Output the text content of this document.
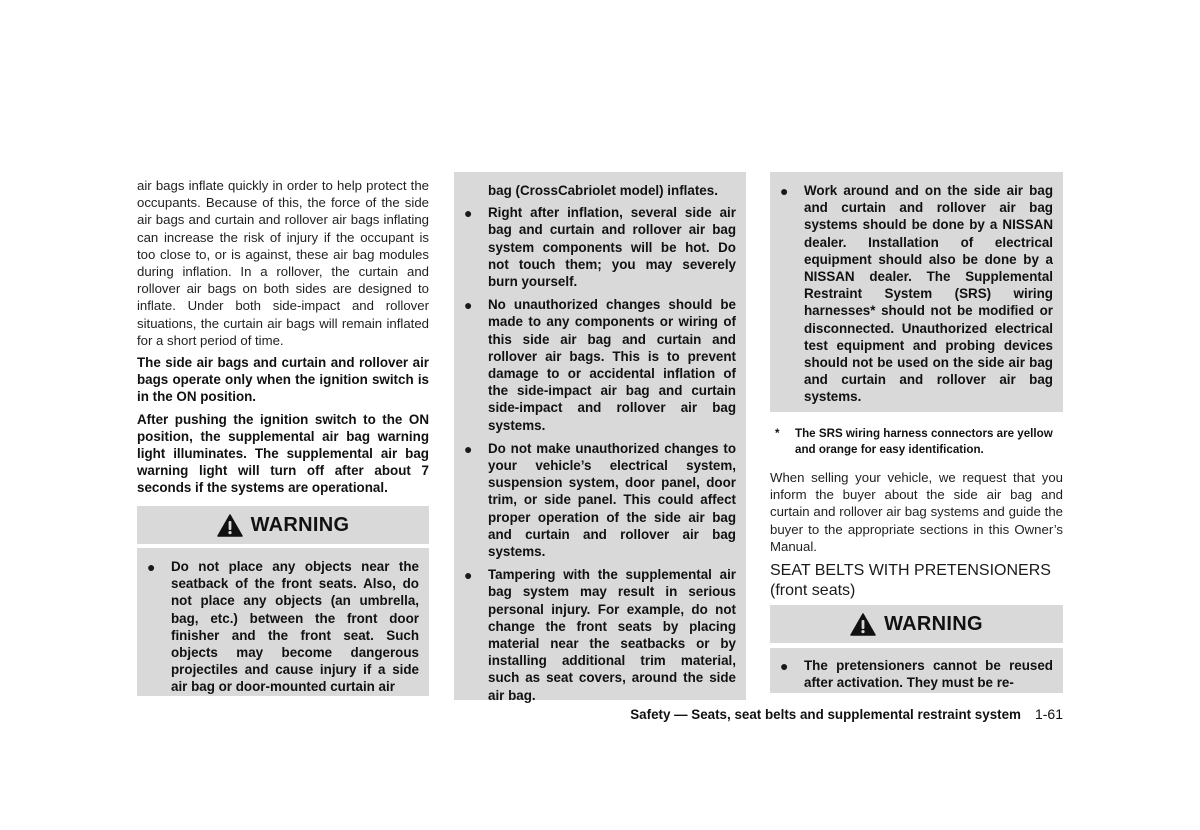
air bags inflate quickly in order to help protect the occupants. Because of this, the force of the side air bags and curtain and rollover air bags inflating can increase the risk of injury if the occupant is too close to, or is against, these air bag modules during inflation. In a rollover, the curtain and rollover air bags on both sides are designed to inflate. Under both side-impact and rollover situations, the curtain air bags will remain inflated for a short period of time.

The side air bags and curtain and rollover air bags operate only when the ignition switch is in the ON position.

After pushing the ignition switch to the ON position, the supplemental air bag warning light illuminates. The supplemental air bag warning light will turn off after about 7 seconds if the systems are operational.

WARNING
● Do not place any objects near the seatback of the front seats. Also, do not place any objects (an umbrella, bag, etc.) between the front door finisher and the front seat. Such objects may become dangerous projectiles and cause injury if a side air bag or door-mounted curtain air
bag (CrossCabriolet model) inflates.
● Right after inflation, several side air bag and curtain and rollover air bag system components will be hot. Do not touch them; you may severely burn yourself.
● No unauthorized changes should be made to any components or wiring of this side air bag and curtain and rollover air bags. This is to prevent damage to or accidental inflation of the side-impact air bag and curtain side-impact and rollover air bag systems.
● Do not make unauthorized changes to your vehicle’s electrical system, suspension system, door panel, door trim, or side panel. This could affect proper operation of the side air bag and curtain and rollover air bag systems.
● Tampering with the supplemental air bag system may result in serious personal injury. For example, do not change the front seats by placing material near the seatbacks or by installing additional trim material, such as seat covers, around the side air bag.
● Work around and on the side air bag and curtain and rollover air bag systems should be done by a NISSAN dealer. Installation of electrical equipment should also be done by a NISSAN dealer. The Supplemental Restraint System (SRS) wiring harnesses* should not be modified or disconnected. Unauthorized electrical test equipment and probing devices should not be used on the side air bag and curtain and rollover air bag systems.
* The SRS wiring harness connectors are yellow and orange for easy identification.

When selling your vehicle, we request that you inform the buyer about the side air bag and curtain and rollover air bag systems and guide the buyer to the appropriate sections in this Owner’s Manual.

SEAT BELTS WITH PRETENSIONERS
(front seats)
WARNING
● The pretensioners cannot be reused after activation. They must be re-
Safety — Seats, seat belts and supplemental restraint system 1-61
